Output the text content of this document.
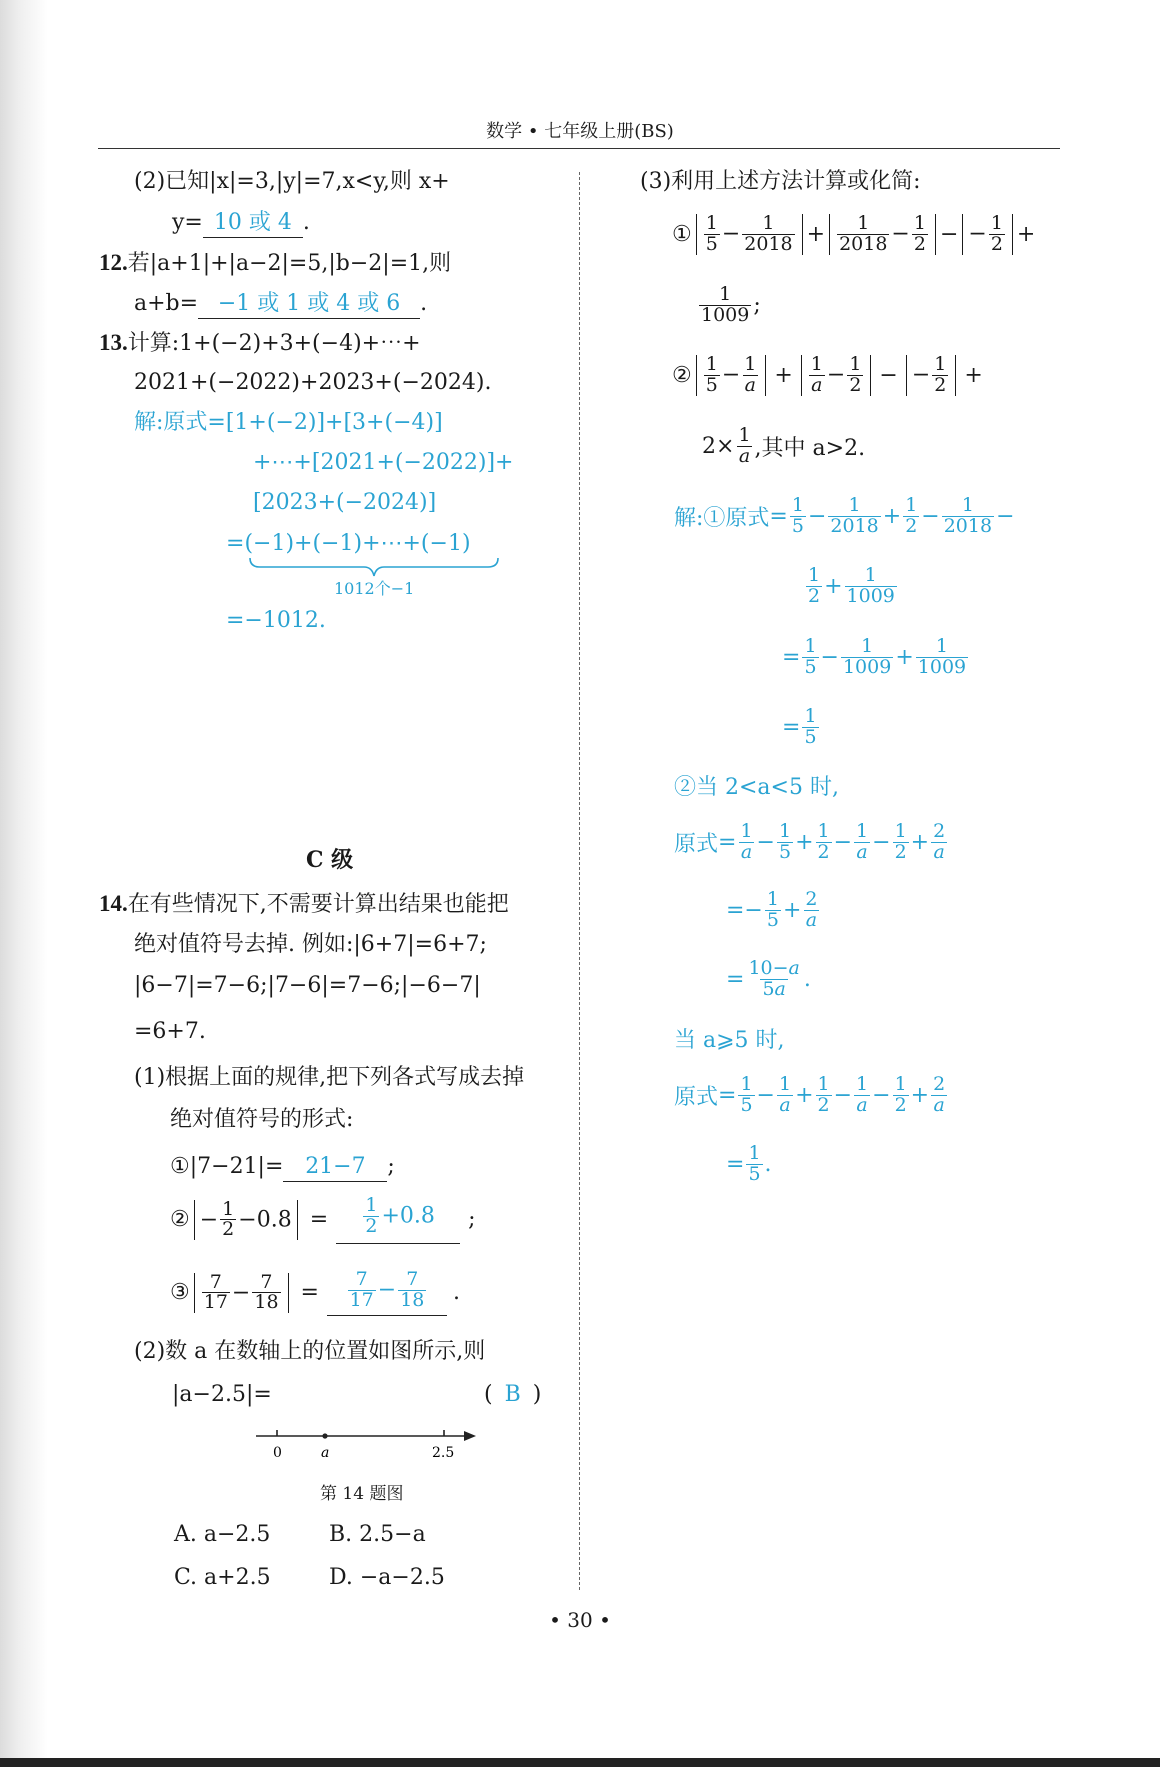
数学 • 七年级上册(BS)
(2)已知|x|=3,|y|=7,x<y,则 x+
y= 10 或 4 .
12.若|a+1|+|a−2|=5,|b−2|=1,则
a+b= −1 或 1 或 4 或 6 .
13.计算:1+(−2)+3+(−4)+⋯+
2021+(−2022)+2023+(−2024).
解:原式=[1+(−2)]+[3+(−4)]
+⋯+[2021+(−2022)]+
[2023+(−2024)]
=(−1)+(−1)+⋯+(−1)
1012个−1
=−1012.
C 级
14.在有些情况下,不需要计算出结果也能把
绝对值符号去掉. 例如:|6+7|=6+7;
|6−7|=7−6;|7−6|=7−6;|−6−7|
=6+7.
(1)根据上面的规律,把下列各式写成去掉
绝对值符号的形式:
①|7−21|= 21−7 ;
② − $\frac{1}{2} -0.8 = \frac{1}{2} +0.8$	;
③ $\frac{7}{17} - \frac{7}{18} = \frac{7}{17} - \frac{7}{18}$ .
(2)数 a 在数轴上的位置如图所示,则
|a−2.5|=	( B )
0	a	2.5
第 14 题图
A. a−2.5	B. 2.5−a
C. a+2.5	D. −a−2.5
(3)利用上述方法计算或化简:
① $\frac{1}{5} - \frac{1}{2018} + \frac{1}{2018} - \frac{1}{2}$ − − $\frac{1}{2}$ +
1
1009 ;
② $\frac{1}{5} - \frac{1}{a} + \frac{1}{a} - \frac{1}{2}$ − − $\frac{1}{2}$ +
$2\times \frac{1}{a}$ ,其中 a>2.
解:①原式 = $\frac{1}{5} - \frac{1}{2018} + \frac{1}{2} - \frac{1}{2018}$ −
1
$2 + \frac{1}{1009}$
= $\frac{1}{5} - \frac{1}{1009} + \frac{1}{1009}$
= $\frac{1}{5}$
②当 2<a<5 时,
原式 = $\frac{1}{a} - \frac{1}{5} + \frac{1}{2} - \frac{1}{a} - \frac{1}{2} + \frac{2}{a}$
=− $\frac{1}{5} + \frac{2}{a}$
= $\frac{10-a}{5a}$ .
当 a⩾5 时,
原式 = $\frac{1}{5} - \frac{1}{a} + \frac{1}{2} - \frac{1}{a} - \frac{1}{2} + \frac{2}{a}$
= $\frac{1}{5}$ .
• 30 •
